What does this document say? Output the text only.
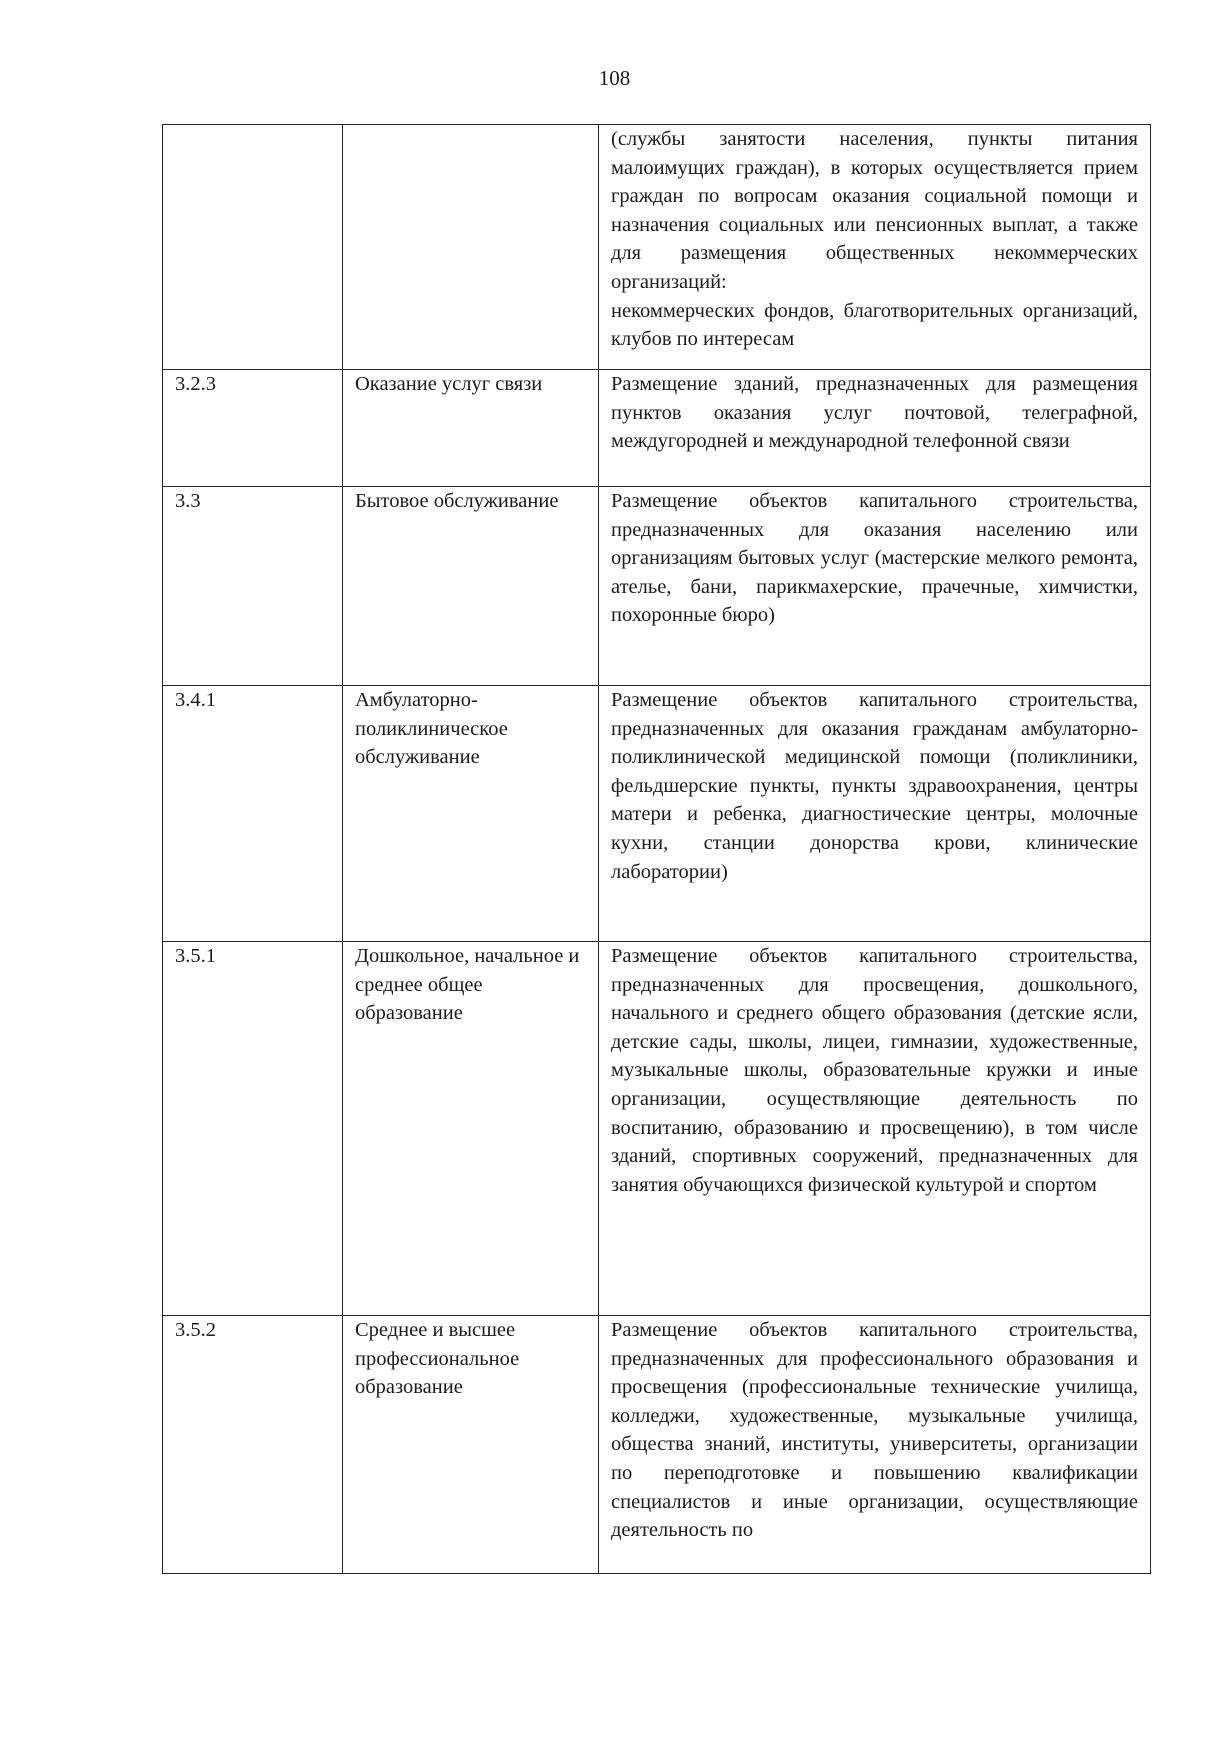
108

		(службы занятости населения, пункты питания малоимущих граждан), в которых осуществляется прием граждан по вопросам оказания социальной помощи и назначения социальных или пенсионных выплат, а также для размещения общественных некоммерческих организаций:
некоммерческих фондов, благотворительных организаций, клубов по интересам

3.2.3	Оказание услуг связи	Размещение зданий, предназначенных для размещения пунктов оказания услуг почтовой, телеграфной, междугородней и международной телефонной связи

3.3	Бытовое обслуживание	Размещение объектов капитального строительства, предназначенных для оказания населению или организациям бытовых услуг (мастерские мелкого ремонта, ателье, бани, парикмахерские, прачечные, химчистки, похоронные бюро)

3.4.1	Амбулаторно-поликлиническое обслуживание	Размещение объектов капитального строительства, предназначенных для оказания гражданам амбулаторно-поликлинической медицинской помощи (поликлиники, фельдшерские пункты, пункты здравоохранения, центры матери и ребенка, диагностические центры, молочные кухни, станции донорства крови, клинические лаборатории)

3.5.1	Дошкольное, начальное и среднее общее образование	Размещение объектов капитального строительства, предназначенных для просвещения, дошкольного, начального и среднего общего образования (детские ясли, детские сады, школы, лицеи, гимназии, художественные, музыкальные школы, образовательные кружки и иные организации, осуществляющие деятельность по воспитанию, образованию и просвещению), в том числе зданий, спортивных сооружений, предназначенных для занятия обучающихся физической культурой и спортом

3.5.2	Среднее и высшее профессиональное образование	Размещение объектов капитального строительства, предназначенных для профессионального образования и просвещения (профессиональные технические училища, колледжи, художественные, музыкальные училища, общества знаний, институты, университеты, организации по переподготовке и повышению квалификации специалистов и иные организации, осуществляющие деятельность по
